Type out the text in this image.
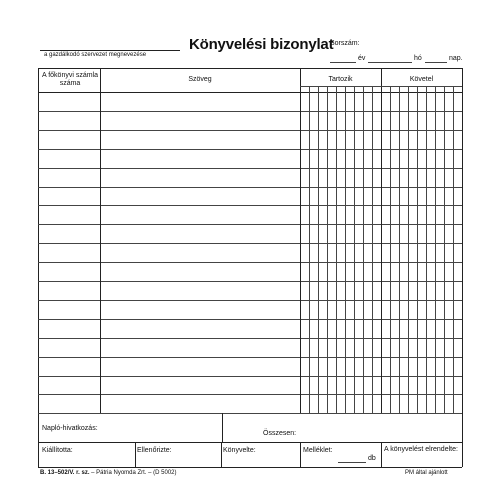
a gazdálkodó szervezet megnevezése
Könyvelési bizonylat
Sorszám:
év	hó	nap.
A főkönyvi számla száma
Szöveg	Tartozik	Követel
Napló-hivatkozás:
Összesen:
Kiállította:	Ellenőrizte:	Könyvelte:	Melléklet:
db
A könyvelést elrendelte:
B. 13–502/V. r. sz. – Pátria Nyomda Zrt. – (D 5002)	PM által ajánlott
